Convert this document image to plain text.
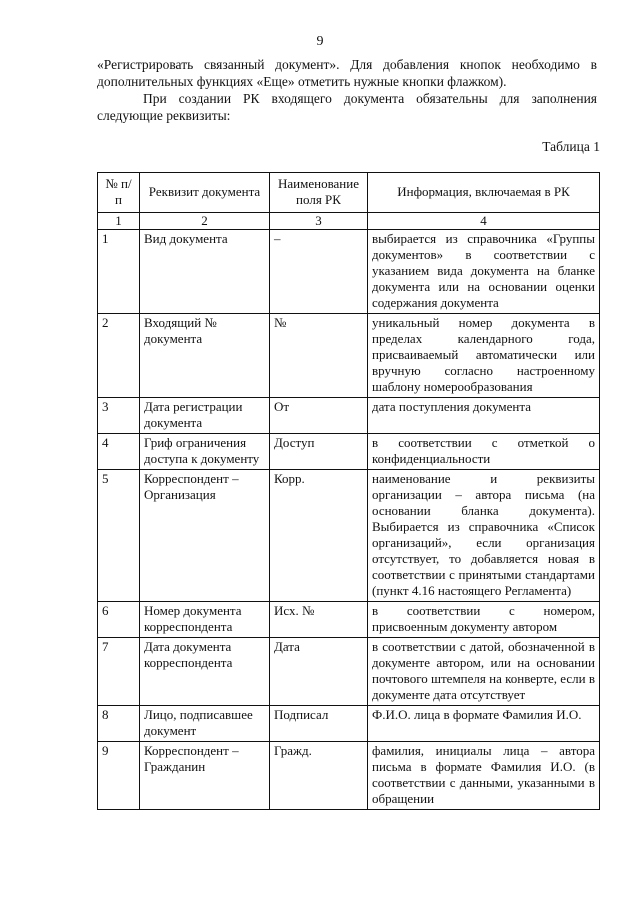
9

«Регистрировать связанный документ». Для добавления кнопок необходимо в дополнительных функциях «Еще» отметить нужные кнопки флажком).

При создании РК входящего документа обязательны для заполнения следующие реквизиты:

Таблица 1
№ п/п	Реквизит документа	Наименование поля РК	Информация, включаемая в РК
1	2	3	4
1	Вид документа	–	выбирается из справочника «Группы документов» в соответствии с указанием вида документа на бланке документа или на основании оценки содержания документа
2	Входящий № документа	№	уникальный номер документа в пределах календарного года, присваиваемый автоматически или вручную согласно настроенному шаблону номерообразования
3	Дата регистрации документа	От	дата поступления документа
4	Гриф ограничения доступа к документу	Доступ	в соответствии с отметкой о конфиденциальности
5	Корреспондент – Организация	Корр.	наименование и реквизиты организации – автора письма (на основании бланка документа). Выбирается из справочника «Список организаций», если организация отсутствует, то добавляется новая в соответствии с принятыми стандартами (пункт 4.16 настоящего Регламента)
6	Номер документа корреспондента	Исх. №	в соответствии с номером, присвоенным документу автором
7	Дата документа корреспондента	Дата	в соответствии с датой, обозначенной в документе автором, или на основании почтового штемпеля на конверте, если в документе дата отсутствует
8	Лицо, подписавшее документ	Подписал	Ф.И.О. лица в формате Фамилия И.О.
9	Корреспондент – Гражданин	Гражд.	фамилия, инициалы лица – автора письма в формате Фамилия И.О. (в соответствии с данными, указанными в обращении
